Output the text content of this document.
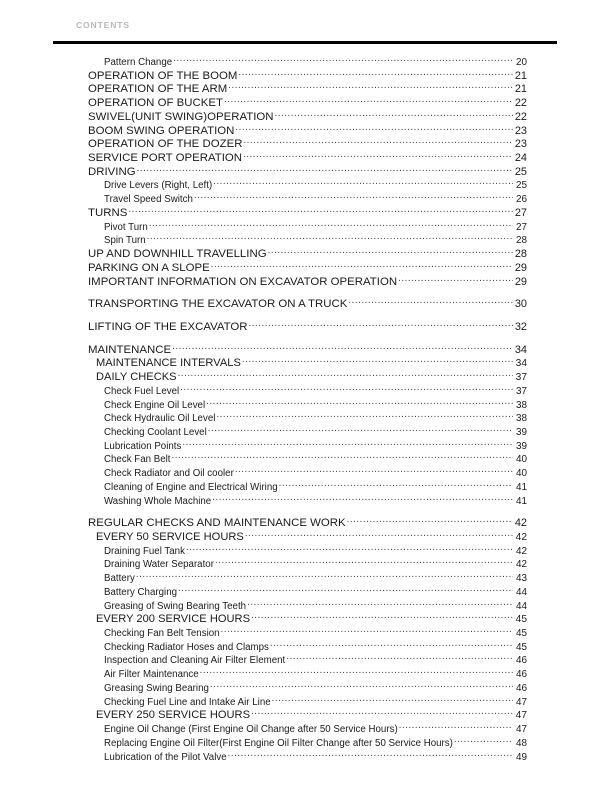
CONTENTS
Pattern Change .....	20
OPERATION OF THE BOOM .....	21
OPERATION OF THE ARM .....	21
OPERATION OF BUCKET .....	22
SWIVEL(UNIT SWING)OPERATION .....	22
BOOM SWING OPERATION .....	23
OPERATION OF THE DOZER .....	23
SERVICE PORT OPERATION .....	24
DRIVING .....	25
Drive Levers (Right, Left) .....	25
Travel Speed Switch .....	26
TURNS .....	27
Pivot Turn .....	27
Spin Turn .....	28
UP AND DOWNHILL TRAVELLING .....	28
PARKING ON A SLOPE .....	29
IMPORTANT INFORMATION ON EXCAVATOR OPERATION .....	29
TRANSPORTING THE EXCAVATOR ON A TRUCK .....	30
LIFTING OF THE EXCAVATOR .....	32
MAINTENANCE .....	34
MAINTENANCE INTERVALS .....	34
DAILY CHECKS .....	37
Check Fuel Level .....	37
Check Engine Oil Level .....	38
Check Hydraulic Oil Level .....	38
Checking Coolant Level .....	39
Lubrication Points .....	39
Check Fan Belt .....	40
Check Radiator and Oil cooler .....	40
Cleaning of Engine and Electrical Wiring .....	41
Washing Whole Machine .....	41
REGULAR CHECKS AND MAINTENANCE WORK .....	42
EVERY 50 SERVICE HOURS .....	42
Draining Fuel Tank .....	42
Draining Water Separator .....	42
Battery .....	43
Battery Charging .....	44
Greasing of Swing Bearing Teeth .....	44
EVERY 200 SERVICE HOURS .....	45
Checking Fan Belt Tension .....	45
Checking Radiator Hoses and Clamps .....	45
Inspection and Cleaning Air Filter Element .....	46
Air Filter Maintenance .....	46
Greasing Swing Bearing .....	46
Checking Fuel Line and Intake Air Line .....	47
EVERY 250 SERVICE HOURS .....	47
Engine Oil Change (First Engine Oil Change after 50 Service Hours) .....	47
Replacing Engine Oil Filter(First Engine Oil Filter Change after 50 Service Hours) .....	48
Lubrication of the Pilot Valve .....	49
